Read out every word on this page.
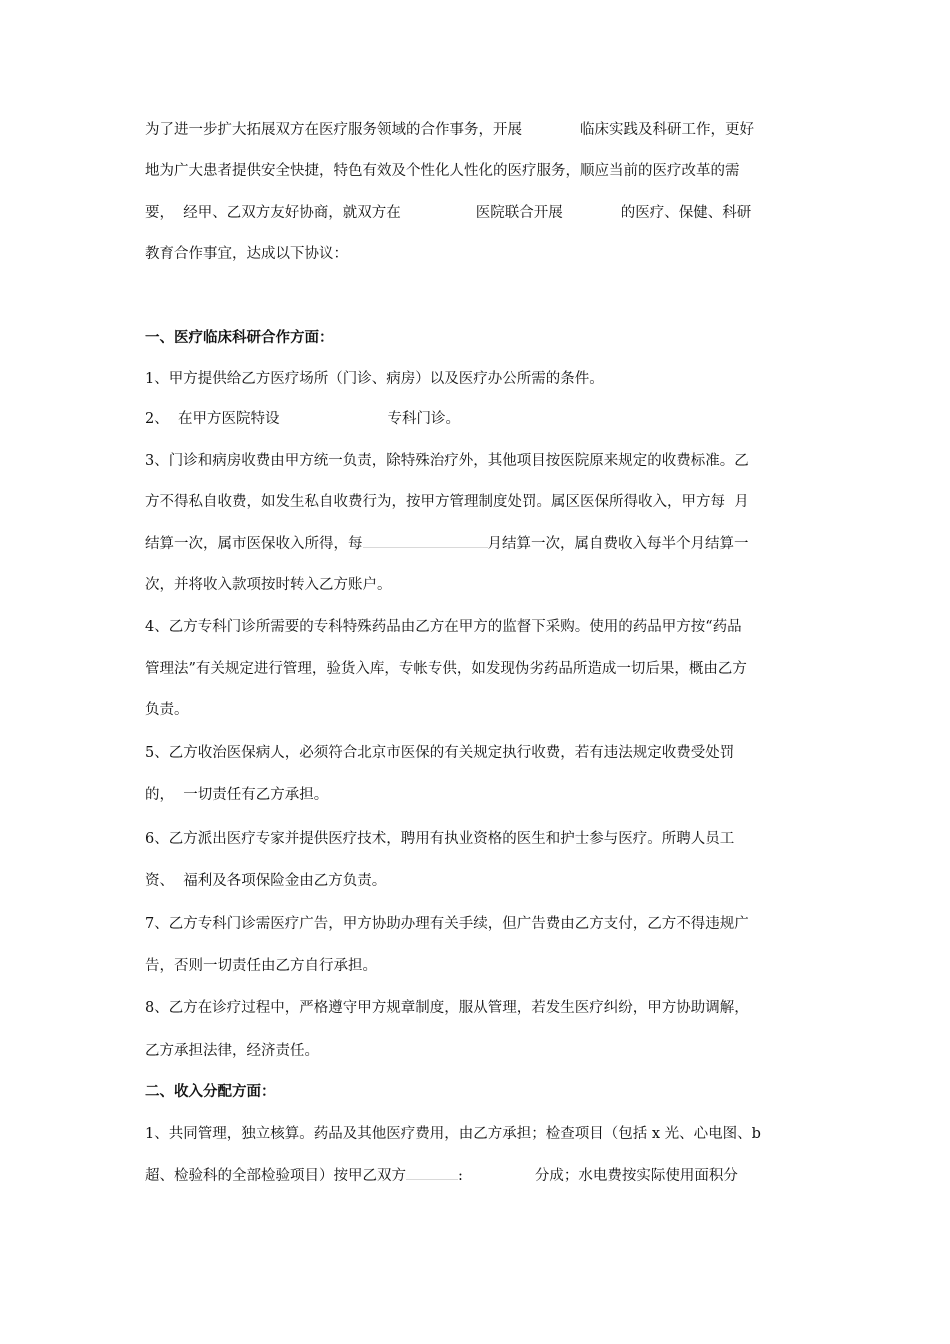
为了进一步扩大拓展双方在医疗服务领域的合作事务，开展	临床实践及科研工作，更好
地为广大患者提供安全快捷，特色有效及个性化人性化的医疗服务，顺应当前的医疗改革的需
要，  经甲、乙双方友好协商，就双方在	医院联合开展	的医疗、保健、科研
教育合作事宜，达成以下协议：
一、医疗临床科研合作方面：
1、甲方提供给乙方医疗场所（门诊、病房）以及医疗办公所需的条件。
2、  在甲方医院特设	专科门诊。
3、门诊和病房收费由甲方统一负责，除特殊治疗外，其他项目按医院原来规定的收费标准。乙
方不得私自收费，如发生私自收费行为，按甲方管理制度处罚。属区医保所得收入，甲方每  月
结算一次，属市医保收入所得，每	月结算一次，属自费收入每半个月结算一
次，并将收入款项按时转入乙方账户。
4、乙方专科门诊所需要的专科特殊药品由乙方在甲方的监督下采购。使用的药品甲方按“药品
管理法”有关规定进行管理，验货入库，专帐专供，如发现伪劣药品所造成一切后果，概由乙方
负责。
5、乙方收治医保病人，必须符合北京市医保的有关规定执行收费，若有违法规定收费受处罚
的，  一切责任有乙方承担。
6、乙方派出医疗专家并提供医疗技术，聘用有执业资格的医生和护士参与医疗。所聘人员工
资、  福利及各项保险金由乙方负责。
7、乙方专科门诊需医疗广告，甲方协助办理有关手续，但广告费由乙方支付，乙方不得违规广
告，否则一切责任由乙方自行承担。
8、乙方在诊疗过程中，严格遵守甲方规章制度，服从管理，若发生医疗纠纷，甲方协助调解，
乙方承担法律，经济责任。
二、收入分配方面：
1、共同管理，独立核算。药品及其他医疗费用，由乙方承担；检查项目（包括 x 光、心电图、b
超、检验科的全部检验项目）按甲乙双方	:	分成；水电费按实际使用面积分
